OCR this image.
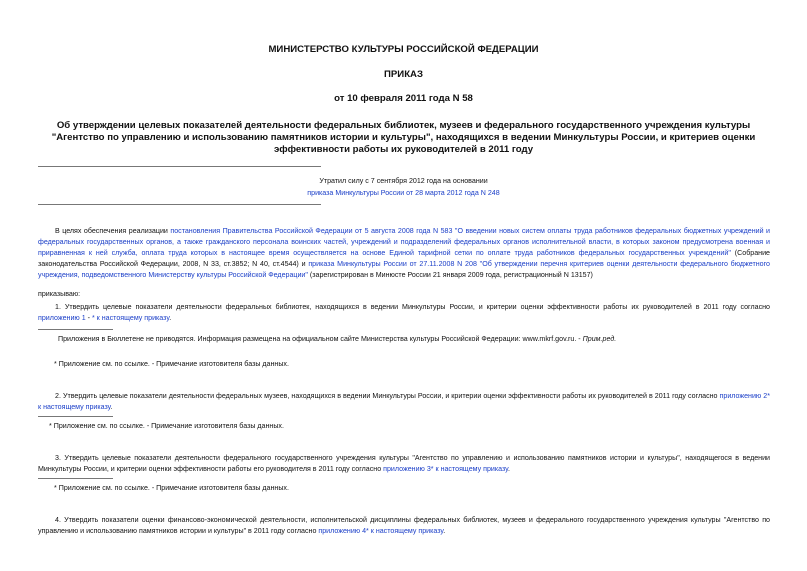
МИНИСТЕРСТВО КУЛЬТУРЫ РОССИЙСКОЙ ФЕДЕРАЦИИ
ПРИКАЗ
от 10 февраля 2011 года N 58
Об утверждении целевых показателей деятельности федеральных библиотек, музеев и федерального государственного учреждения культуры "Агентство по управлению и использованию памятников истории и культуры", находящихся в ведении Минкультуры России, и критериев оценки эффективности работы их руководителей в 2011 году
Утратил силу с 7 сентября 2012 года на основании
приказа Минкультуры России от 28 марта 2012 года N 248
В целях обеспечения реализации постановления Правительства Российской Федерации от 5 августа 2008 года N 583 "О введении новых систем оплаты труда работников федеральных бюджетных учреждений и федеральных государственных органов, а также гражданского персонала воинских частей, учреждений и подразделений федеральных органов исполнительной власти, в которых законом предусмотрена военная и приравненная к ней служба, оплата труда которых в настоящее время осуществляется на основе Единой тарифной сетки по оплате труда работников федеральных государственных учреждений" (Собрание законодательства Российской Федерации, 2008, N 33, ст.3852; N 40, ст.4544) и приказа Минкультуры России от 27.11.2008 N 208 "Об утверждении перечня критериев оценки деятельности федерального бюджетного учреждения, подведомственного Министерству культуры Российской Федерации" (зарегистрирован в Минюсте России 21 января 2009 года, регистрационный N 13157)
приказываю:
1. Утвердить целевые показатели деятельности федеральных библиотек, находящихся в ведении Минкультуры России, и критерии оценки эффективности работы их руководителей в 2011 году согласно приложению 1 - * к настоящему приказу.
Приложения в Бюллетене не приводятся. Информация размещена на официальном сайте Министерства культуры Российской Федерации: www.mkrf.gov.ru. - Прим.ред.
* Приложение см. по ссылке. - Примечание изготовителя базы данных.
2. Утвердить целевые показатели деятельности федеральных музеев, находящихся в ведении Минкультуры России, и критерии оценки эффективности работы их руководителей в 2011 году согласно приложению 2* к настоящему приказу.
* Приложение см. по ссылке. - Примечание изготовителя базы данных.
3. Утвердить целевые показатели деятельности федерального государственного учреждения культуры "Агентство по управлению и использованию памятников истории и культуры", находящегося в ведении Минкультуры России, и критерии оценки эффективности работы его руководителя в 2011 году согласно приложению 3* к настоящему приказу.
* Приложение см. по ссылке. - Примечание изготовителя базы данных.
4. Утвердить показатели оценки финансово-экономической деятельности, исполнительской дисциплины федеральных библиотек, музеев и федерального государственного учреждения культуры "Агентство по управлению и использованию памятников истории и культуры" в 2011 году согласно приложению 4* к настоящему приказу.
